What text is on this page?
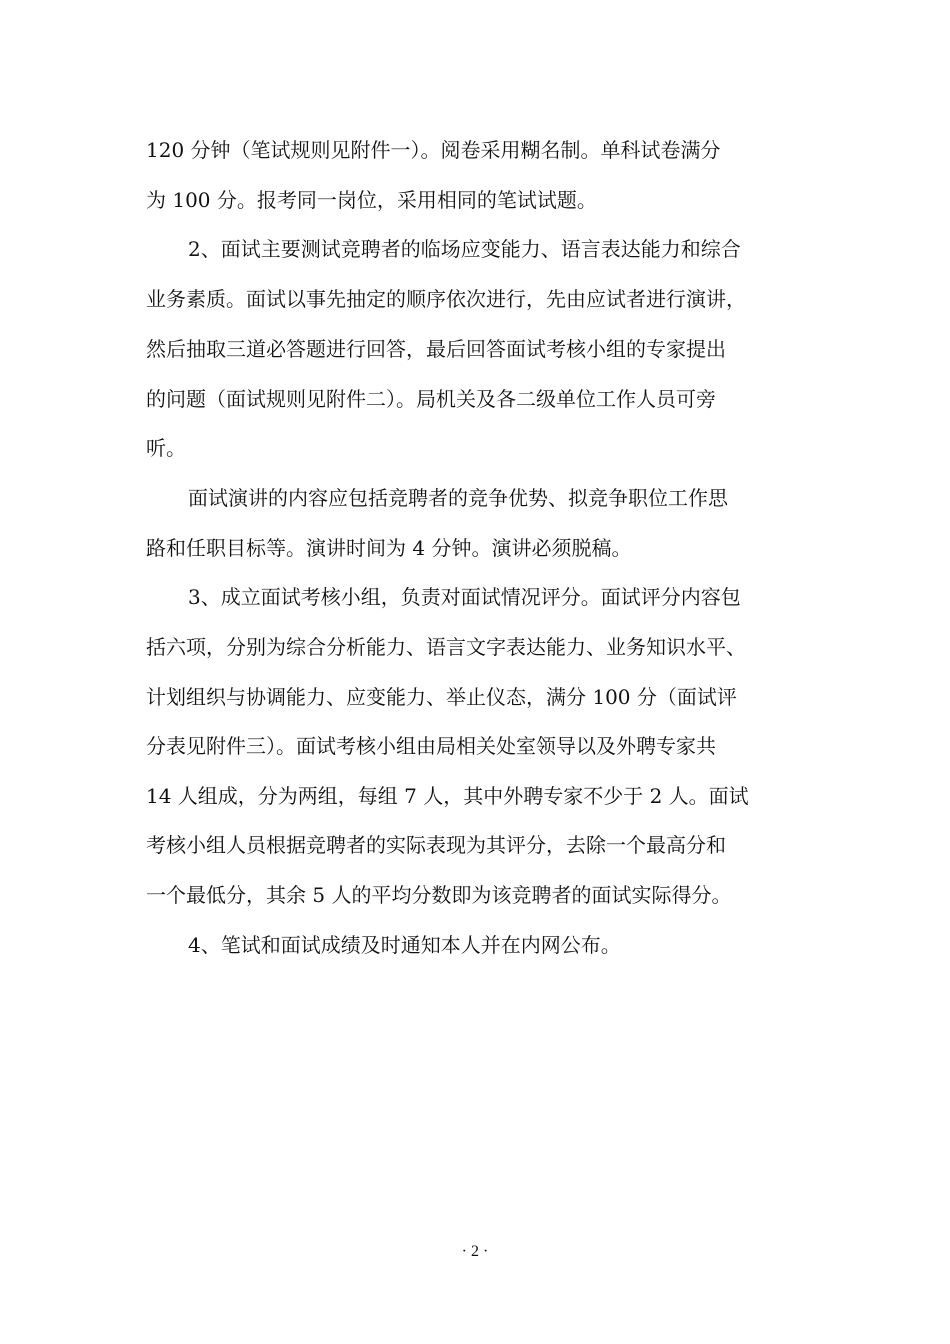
120 分钟（笔试规则见附件一）。阅卷采用糊名制。单科试卷满分
为 100 分。报考同一岗位，采用相同的笔试试题。
2、面试主要测试竞聘者的临场应变能力、语言表达能力和综合
业务素质。面试以事先抽定的顺序依次进行，先由应试者进行演讲，
然后抽取三道必答题进行回答，最后回答面试考核小组的专家提出
的问题（面试规则见附件二）。局机关及各二级单位工作人员可旁
听。
面试演讲的内容应包括竞聘者的竞争优势、拟竞争职位工作思
路和任职目标等。演讲时间为 4 分钟。演讲必须脱稿。
3、成立面试考核小组，负责对面试情况评分。面试评分内容包
括六项，分别为综合分析能力、语言文字表达能力、业务知识水平、
计划组织与协调能力、应变能力、举止仪态，满分 100 分（面试评
分表见附件三）。面试考核小组由局相关处室领导以及外聘专家共
14 人组成，分为两组，每组 7 人，其中外聘专家不少于 2 人。面试
考核小组人员根据竞聘者的实际表现为其评分，去除一个最高分和
一个最低分，其余 5 人的平均分数即为该竞聘者的面试实际得分。
4、笔试和面试成绩及时通知本人并在内网公布。
· 2 ·
